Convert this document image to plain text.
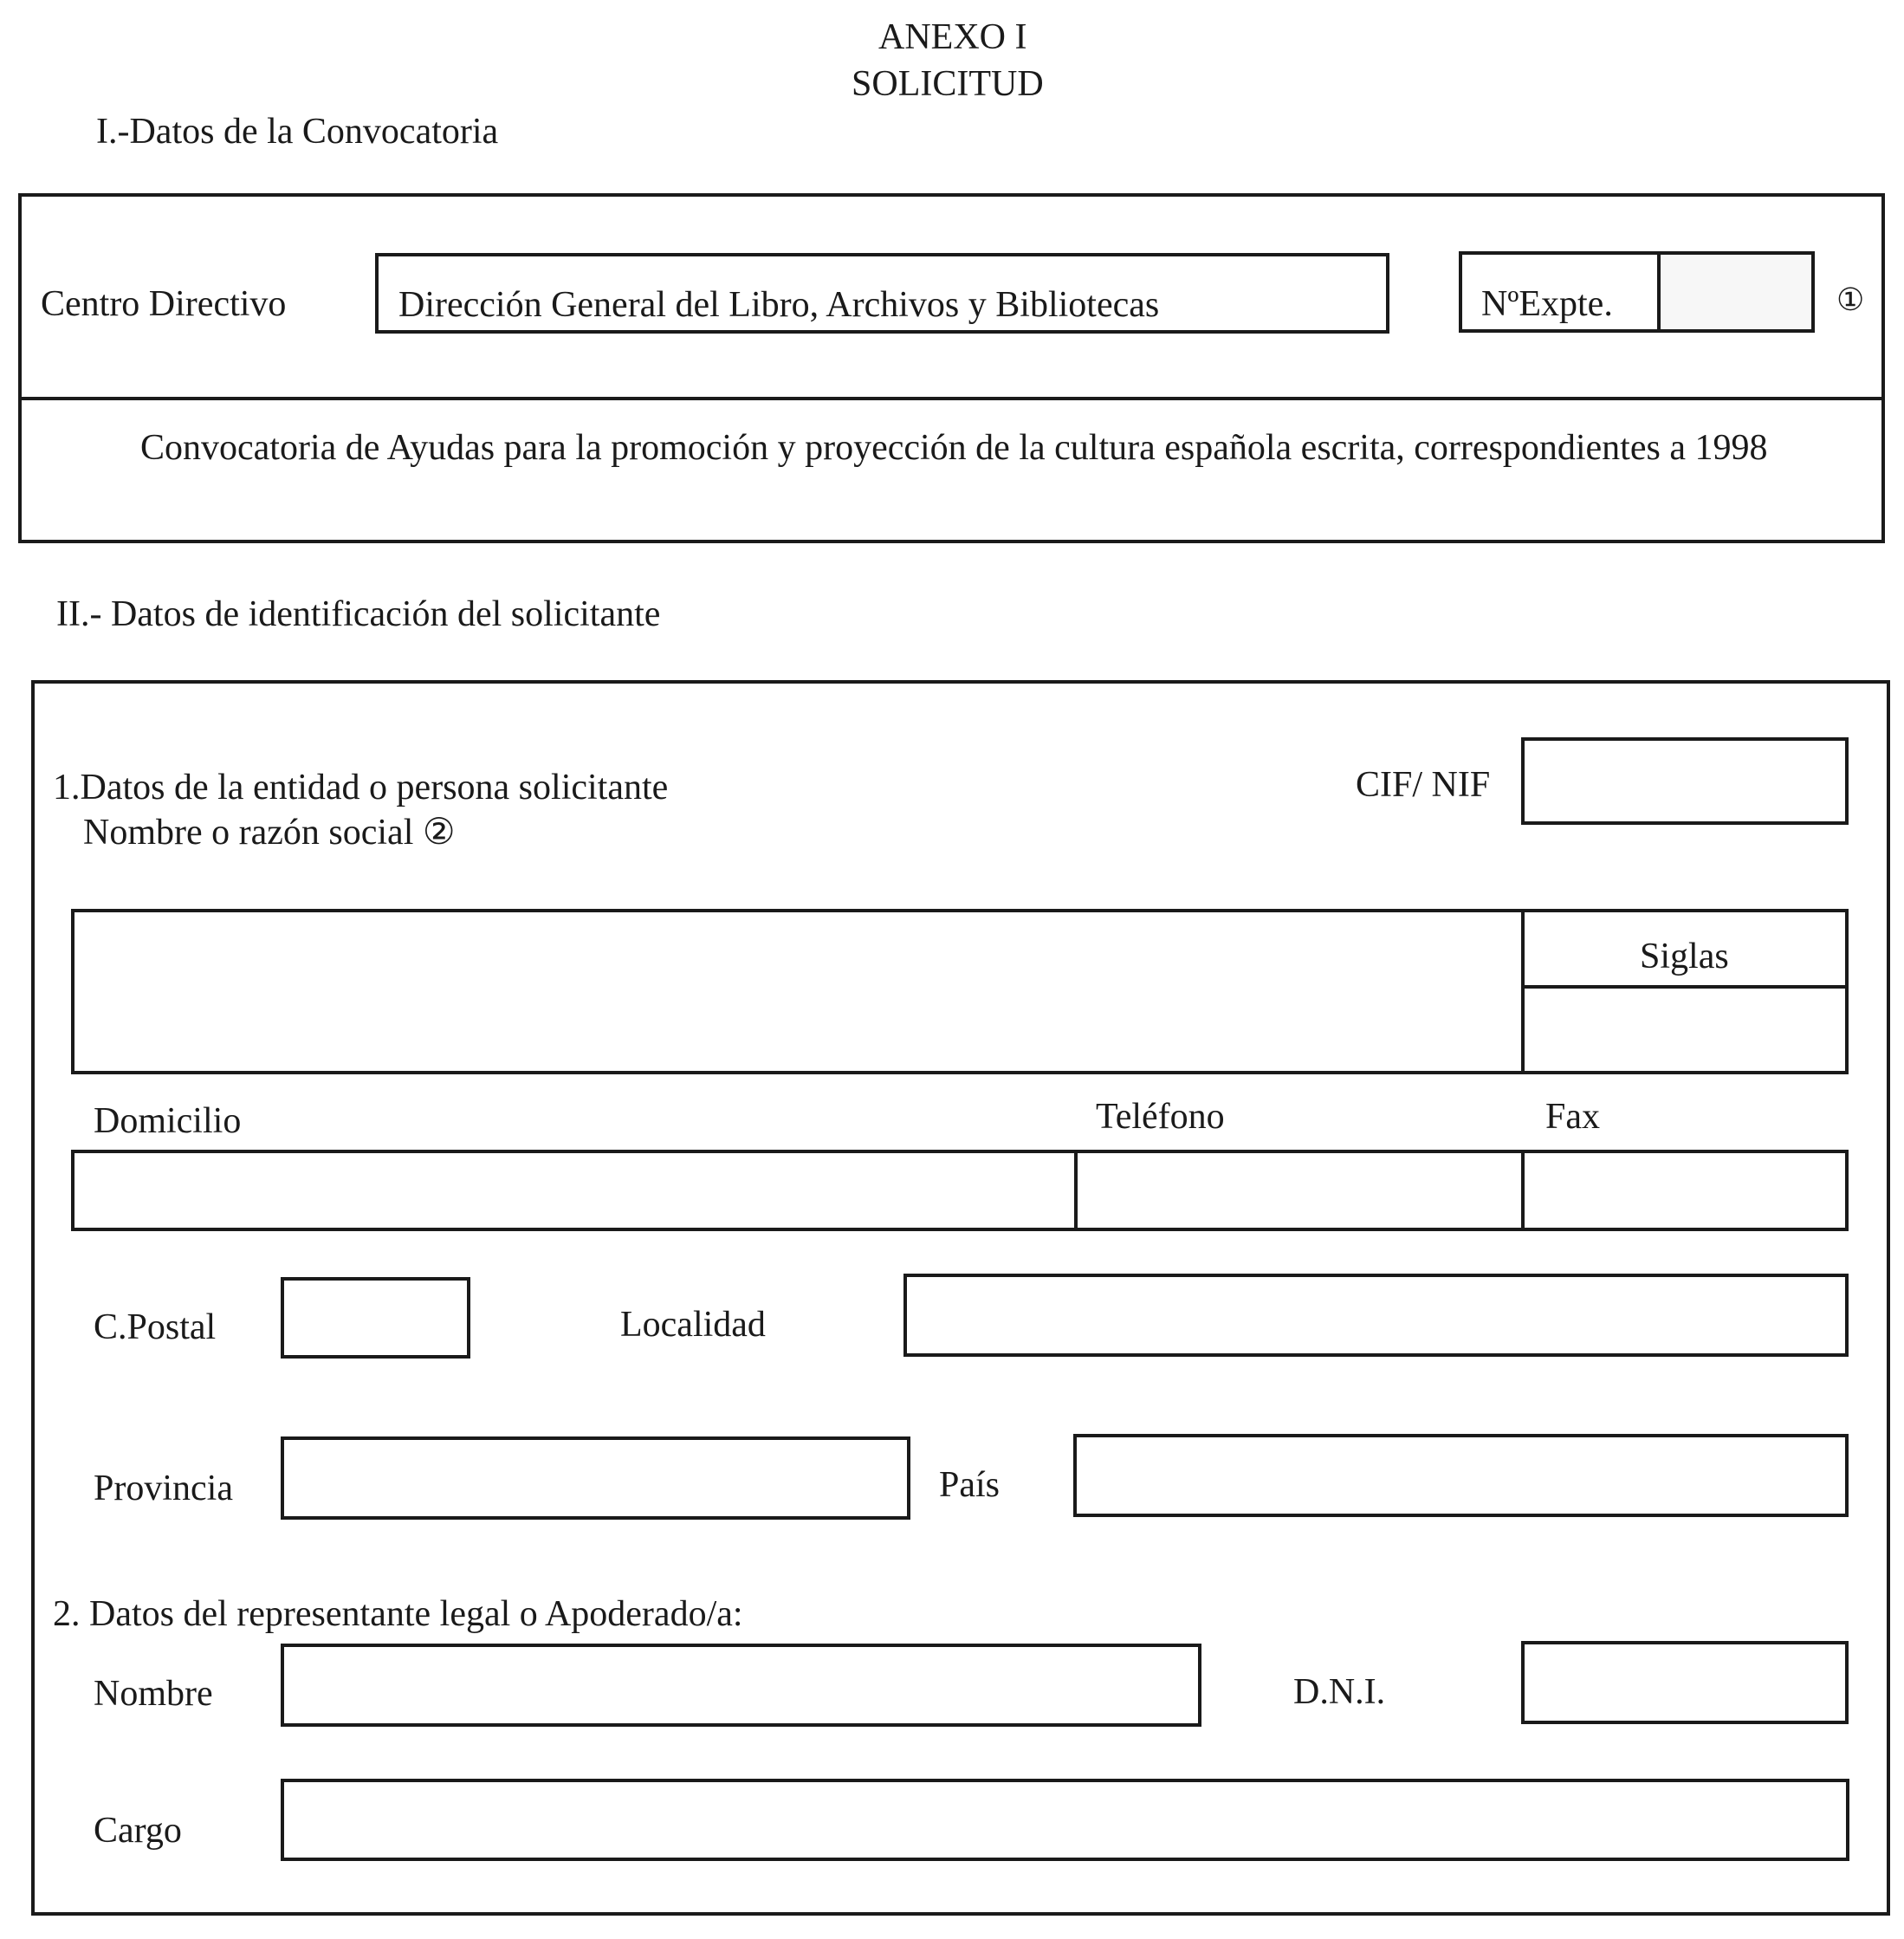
ANEXO I
SOLICITUD
I.-Datos de la Convocatoria
Centro Directivo	Dirección General del Libro, Archivos y Bibliotecas	NºExpte.	①
Convocatoria de Ayudas para la promoción y proyección de la cultura española escrita, correspondientes a 1998
II.- Datos de identificación del solicitante
1.Datos de la entidad o persona solicitante
Nombre o razón social ②
CIF/ NIF
Siglas
Domicilio	Teléfono	Fax
C.Postal	Localidad
Provincia	País
2. Datos del representante legal o Apoderado/a:
Nombre	D.N.I.
Cargo
